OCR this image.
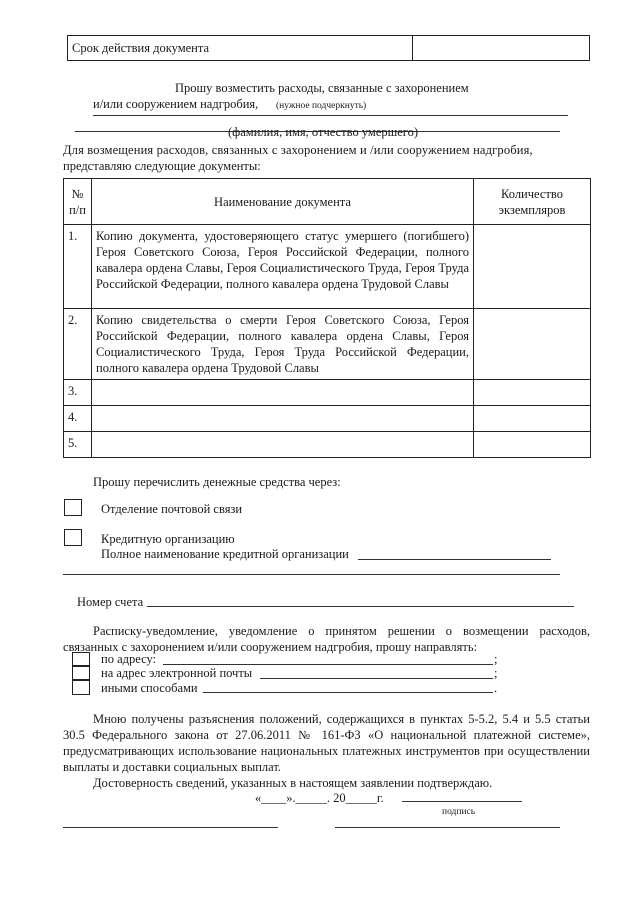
Срок действия документа
Прошу возместить расходы, связанные с захоронением
и/или сооружением надгробия, (нужное подчеркнуть)
(фамилия, имя, отчество умершего)
Для возмещения расходов, связанных с захоронением и /или сооружением надгробия,
представляю следующие документы:
№ п/п	Наименование документа	Количество экземпляров
1.	Копию документа, удостоверяющего статус умершего (погибшего) Героя Советского Союза, Героя Российской Федерации, полного кавалера ордена Славы, Героя Социалистического Труда, Героя Труда Российской Федерации, полного кавалера ордена Трудовой Славы	
2.	Копию свидетельства о смерти Героя Советского Союза, Героя Российской Федерации, полного кавалера ордена Славы, Героя Социалистического Труда, Героя Труда Российской Федерации, полного кавалера ордена Трудовой Славы	
3.		
4.		
5.		
Прошу перечислить денежные средства через:
Отделение почтовой связи
Кредитную организацию
Полное наименование кредитной организации
Номер счета
Расписку-уведомление, уведомление о принятом решении о возмещении расходов, связанных с захоронением и/или сооружением надгробия, прошу направлять:
по адресу:	;
на адрес электронной почты	;
иными способами	.
Мною получены разъяснения положений, содержащихся в пунктах 5-5.2, 5.4 и 5.5 статьи 30.5 Федерального закона от 27.06.2011 № 161-ФЗ «О национальной платежной системе», предусматривающих использование национальных платежных инструментов при осуществлении выплаты и доставки социальных выплат.
Достоверность сведений, указанных в настоящем заявлении подтверждаю.
«____»._____. 20_____г.
подпись
